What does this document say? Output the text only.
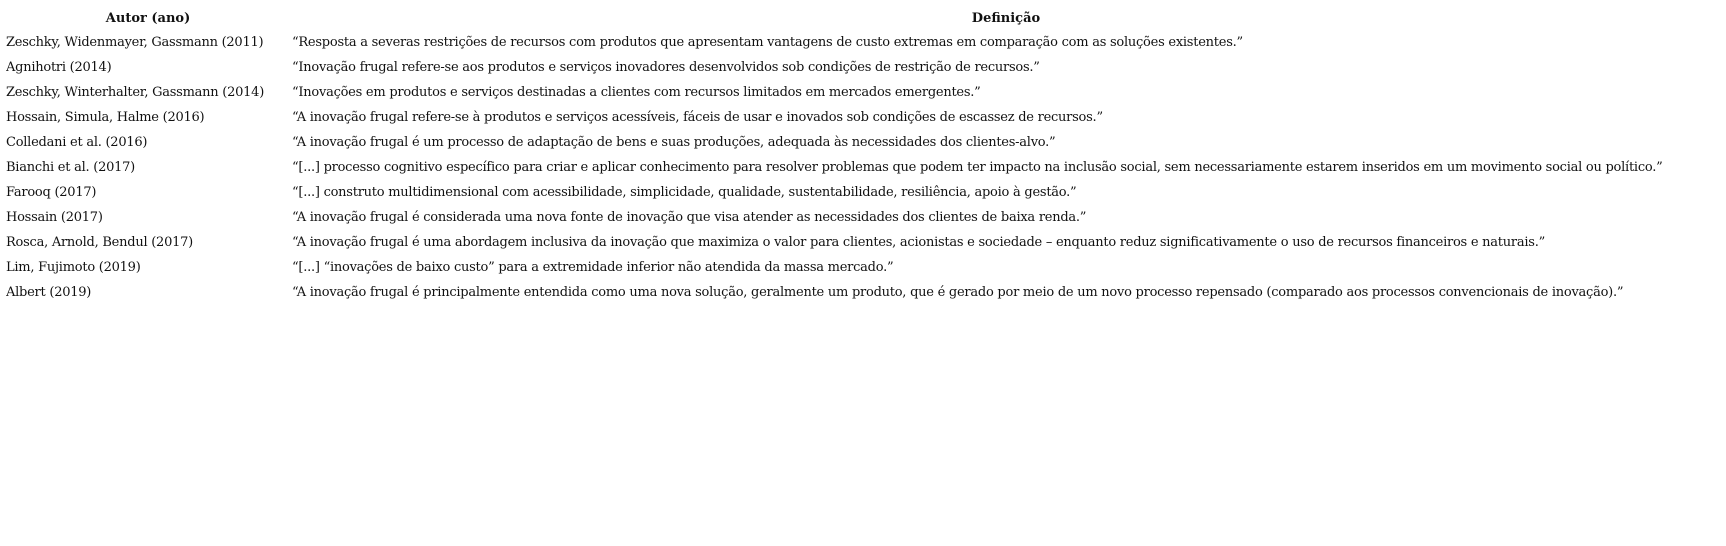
Autor (ano)	Definição
Zeschky, Widenmayer, Gassmann (2011)	“Resposta a severas restrições de recursos com produtos que apresentam vantagens de custo extremas em comparação com as soluções existentes.”
Agnihotri (2014)	“Inovação frugal refere-se aos produtos e serviços inovadores desenvolvidos sob condições de restrição de recursos.”
Zeschky, Winterhalter, Gassmann (2014)	“Inovações em produtos e serviços destinadas a clientes com recursos limitados em mercados emergentes.”
Hossain, Simula, Halme (2016)	“A inovação frugal refere-se à produtos e serviços acessíveis, fáceis de usar e inovados sob condições de escassez de recursos.”
Colledani et al. (2016)	“A inovação frugal é um processo de adaptação de bens e suas produções, adequada às necessidades dos clientes-alvo.”
Bianchi et al. (2017)	“[...] processo cognitivo específico para criar e aplicar conhecimento para resolver problemas que podem ter impacto na inclusão social, sem necessariamente estarem inseridos em um movimento social ou político.”
Farooq (2017)	“[...] construto multidimensional com acessibilidade, simplicidade, qualidade, sustentabilidade, resiliência, apoio à gestão.”
Hossain (2017)	“A inovação frugal é considerada uma nova fonte de inovação que visa atender as necessidades dos clientes de baixa renda.”
Rosca, Arnold, Bendul (2017)	“A inovação frugal é uma abordagem inclusiva da inovação que maximiza o valor para clientes, acionistas e sociedade – enquanto reduz significativamente o uso de recursos financeiros e naturais.”
Lim, Fujimoto (2019)	“[...] “inovações de baixo custo” para a extremidade inferior não atendida da massa mercado.”
Albert (2019)	“A inovação frugal é principalmente entendida como uma nova solução, geralmente um produto, que é gerado por meio de um novo processo repensado (comparado aos processos convencionais de inovação).”
